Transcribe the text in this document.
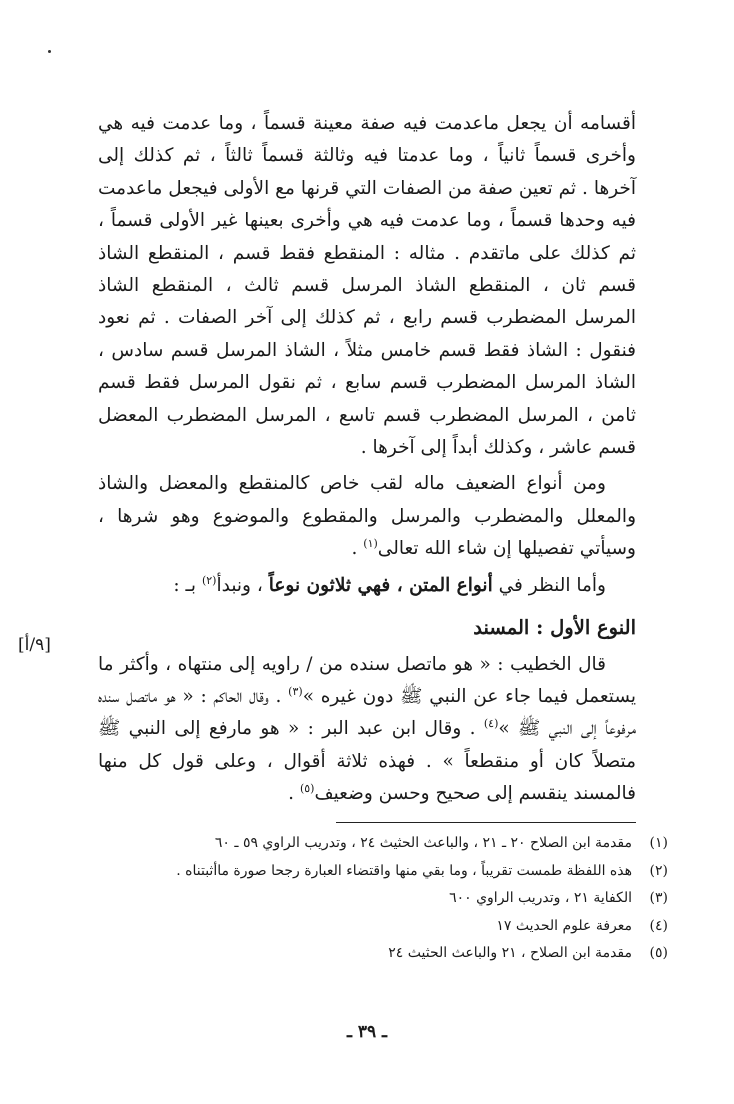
أقسامه أن يجعل ماعدمت فيه صفة معينة قسماً ، وما عدمت فيه هي وأخرى قسماً ثانياً ، وما عدمتا فيه وثالثة قسماً ثالثاً ، ثم كذلك إلى آخرها . ثم تعين صفة من الصفات التي قرنها مع الأولى فيجعل ماعدمت فيه وحدها قسماً ، وما عدمت فيه هي وأخرى بعينها غير الأولى قسماً ، ثم كذلك على ماتقدم . مثاله : المنقطع فقط قسم ، المنقطع الشاذ قسم ثان ، المنقطع الشاذ المرسل قسم ثالث ، المنقطع الشاذ المرسل المضطرب قسم رابع ، ثم كذلك إلى آخر الصفات . ثم نعود فنقول : الشاذ فقط قسم خامس مثلاً ، الشاذ المرسل قسم سادس ، الشاذ المرسل المضطرب قسم سابع ، ثم نقول المرسل فقط قسم ثامن ، المرسل المضطرب قسم تاسع ، المرسل المضطرب المعضل قسم عاشر ، وكذلك أبداً إلى آخرها .

ومن أنواع الضعيف ماله لقب خاص كالمنقطع والمعضل والشاذ والمعلل والمضطرب والمرسل والمقطوع والموضوع وهو شرها ، وسيأتي تفصيلها إن شاء الله تعالى$^{(١)}$ .

وأما النظر في أنواع المتن ، فهي ثلاثون نوعاً ، ونبدأ$^{(٢)}$ بـ :

النوع الأول : المسند

قال الخطيب : « هو ماتصل سنده من / راويه إلى منتهاه ، وأكثر ما يستعمل فيما جاء عن النبي ﷺ دون غيره »$^{(٣)}$ . وقال الحاكم : « هو ماتصل سنده مرفوعاً إلى النبي ﷺ »$^{(٤)}$ . وقال ابن عبد البر : « هو مارفع إلى النبي ﷺ متصلاً كان أو منقطعاً » . فهذه ثلاثة أقوال ، وعلى قول كل منها فالمسند ينقسم إلى صحيح وحسن وضعيف$^{(٥)}$ .

[٩/أ]
(١)
مقدمة ابن الصلاح ٢٠ ـ ٢١ ، والباعث الحثيث ٢٤ ، وتدريب الراوي ٥٩ ـ ٦٠
(٢)
هذه اللفظة طمست تقريباً ، وما بقي منها واقتضاء العبارة رجحا صورة ماأثبتناه .
(٣)
الكفاية ٢١ ، وتدريب الراوي ٦٠٠
(٤)
معرفة علوم الحديث ١٧
(٥)
مقدمة ابن الصلاح ، ٢١ والباعث الحثيث ٢٤
ـ ٣٩ ـ
